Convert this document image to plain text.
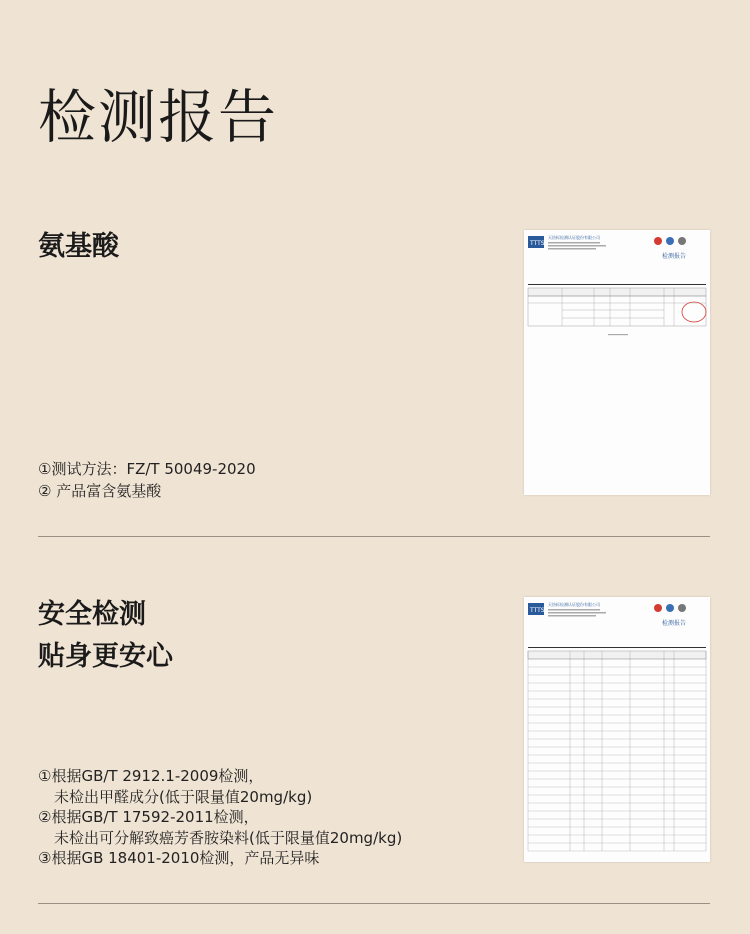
检测报告
氨基酸
①测试方法：FZ/T 50049-2020
② 产品富含氨基酸
TTTS
天纺标检测认证股份有限公司
检测报告
安全检测
贴身更安心
①根据GB/T 2912.1-2009检测，
未检出甲醛成分(低于限量值20mg/kg)
②根据GB/T 17592-2011检测，
未检出可分解致癌芳香胺染料(低于限量值20mg/kg)
③根据GB 18401-2010检测，产品无异味
TTTS
天纺标检测认证股份有限公司
检测报告
